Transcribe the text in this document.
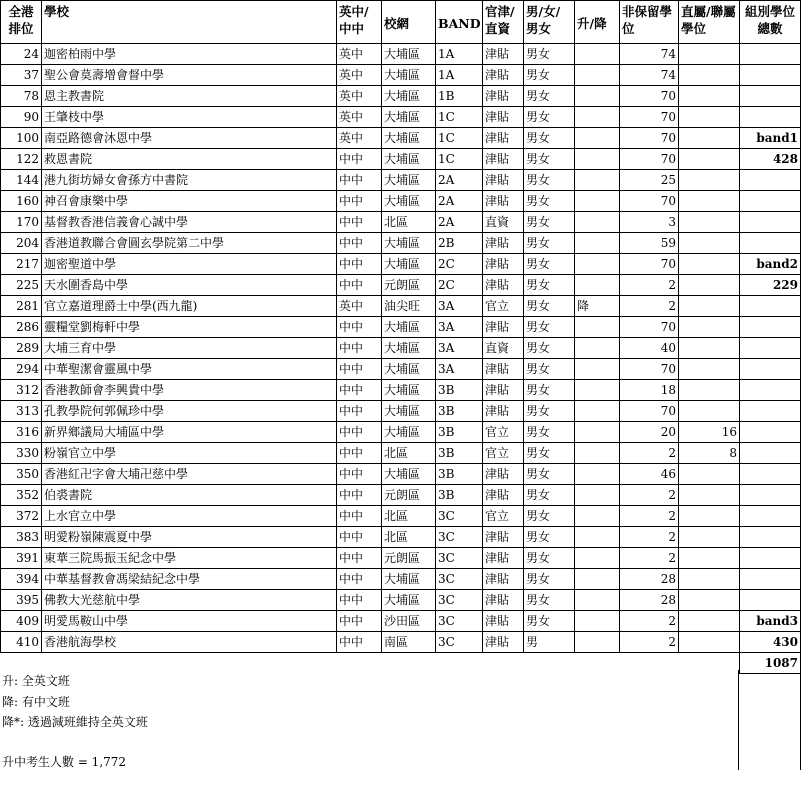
全港排位	學校	英中/中中	校網	BAND	官津/直資	男/女/男女	升/降	非保留學位	直屬/聯屬學位	組別學位總數
24	迦密柏雨中學	英中	大埔區	1A	津貼	男女		74		
37	聖公會莫壽增會督中學	英中	大埔區	1A	津貼	男女		74		
78	恩主教書院	英中	大埔區	1B	津貼	男女		70		
90	王肇枝中學	英中	大埔區	1C	津貼	男女		70		
100	南亞路德會沐恩中學	英中	大埔區	1C	津貼	男女		70		band1
122	救恩書院	中中	大埔區	1C	津貼	男女		70		428
144	港九街坊婦女會孫方中書院	中中	大埔區	2A	津貼	男女		25		
160	神召會康樂中學	中中	大埔區	2A	津貼	男女		70		
170	基督教香港信義會心誠中學	中中	北區	2A	直資	男女		3		
204	香港道教聯合會圓玄學院第二中學	中中	大埔區	2B	津貼	男女		59		
217	迦密聖道中學	中中	大埔區	2C	津貼	男女		70		band2
225	天水圍香島中學	中中	元朗區	2C	津貼	男女		2		229
281	官立嘉道理爵士中學(西九龍)	英中	油尖旺	3A	官立	男女	降	2		
286	靈糧堂劉梅軒中學	中中	大埔區	3A	津貼	男女		70		
289	大埔三育中學	中中	大埔區	3A	直資	男女		40		
294	中華聖潔會靈風中學	中中	大埔區	3A	津貼	男女		70		
312	香港教師會李興貴中學	中中	大埔區	3B	津貼	男女		18		
313	孔教學院何郭佩珍中學	中中	大埔區	3B	津貼	男女		70		
316	新界鄉議局大埔區中學	中中	大埔區	3B	官立	男女		20	16	
330	粉嶺官立中學	中中	北區	3B	官立	男女		2	8	
350	香港紅卍字會大埔卍慈中學	中中	大埔區	3B	津貼	男女		46		
352	伯裘書院	中中	元朗區	3B	津貼	男女		2		
372	上水官立中學	中中	北區	3C	官立	男女		2		
383	明愛粉嶺陳震夏中學	中中	北區	3C	津貼	男女		2		
391	東華三院馬振玉紀念中學	中中	元朗區	3C	津貼	男女		2		
394	中華基督教會馮梁結紀念中學	中中	大埔區	3C	津貼	男女		28		
395	佛教大光慈航中學	中中	大埔區	3C	津貼	男女		28		
409	明愛馬鞍山中學	中中	沙田區	3C	津貼	男女		2		band3
410	香港航海學校	中中	南區	3C	津貼	男		2		430
										1087
升: 全英文班
降: 有中文班
降*: 透過減班維持全英文班
升中考生人數 = 1,772
